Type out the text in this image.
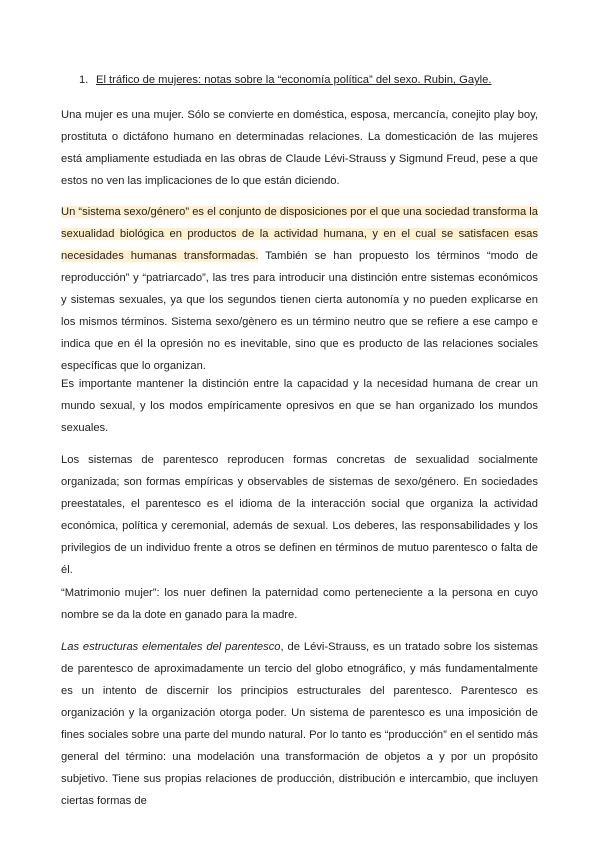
1. El tráfico de mujeres: notas sobre la “economía política” del sexo. Rubin, Gayle.

Una mujer es una mujer. Sólo se convierte en doméstica, esposa, mercancía, conejito play boy, prostituta o dictáfono humano en determinadas relaciones. La domesticación de las mujeres está ampliamente estudiada en las obras de Claude Lévi-Strauss y Sigmund Freud, pese a que estos no ven las implicaciones de lo que están diciendo.

Un “sistema sexo/género” es el conjunto de disposiciones por el que una sociedad transforma la sexualidad biológica en productos de la actividad humana, y en el cual se satisfacen esas necesidades humanas transformadas. También se han propuesto los términos “modo de reproducción” y “patriarcado”, las tres para introducir una distinción entre sistemas económicos y sistemas sexuales, ya que los segundos tienen cierta autonomía y no pueden explicarse en los mismos términos. Sistema sexo/gènero es un término neutro que se refiere a ese campo e indica que en él la opresión no es inevitable, sino que es producto de las relaciones sociales específicas que lo organizan.

Es importante mantener la distinción entre la capacidad y la necesidad humana de crear un mundo sexual, y los modos empíricamente opresivos en que se han organizado los mundos sexuales.

Los sistemas de parentesco reproducen formas concretas de sexualidad socialmente organizada; son formas empíricas y observables de sistemas de sexo/género. En sociedades preestatales, el parentesco es el idioma de la interacción social que organiza la actividad económica, política y ceremonial, además de sexual. Los deberes, las responsabilidades y los privilegios de un individuo frente a otros se definen en términos de mutuo parentesco o falta de él.

“Matrimonio mujer”: los nuer definen la paternidad como perteneciente a la persona en cuyo nombre se da la dote en ganado para la madre.

Las estructuras elementales del parentesco, de Lévi-Strauss, es un tratado sobre los sistemas de parentesco de aproximadamente un tercio del globo etnográfico, y más fundamentalmente es un intento de discernir los principios estructurales del parentesco. Parentesco es organización y la organización otorga poder. Un sistema de parentesco es una imposición de fines sociales sobre una parte del mundo natural. Por lo tanto es “producción” en el sentido más general del término: una modelación una transformación de objetos a y por un propósito subjetivo. Tiene sus propias relaciones de producción, distribución e intercambio, que incluyen ciertas formas de
